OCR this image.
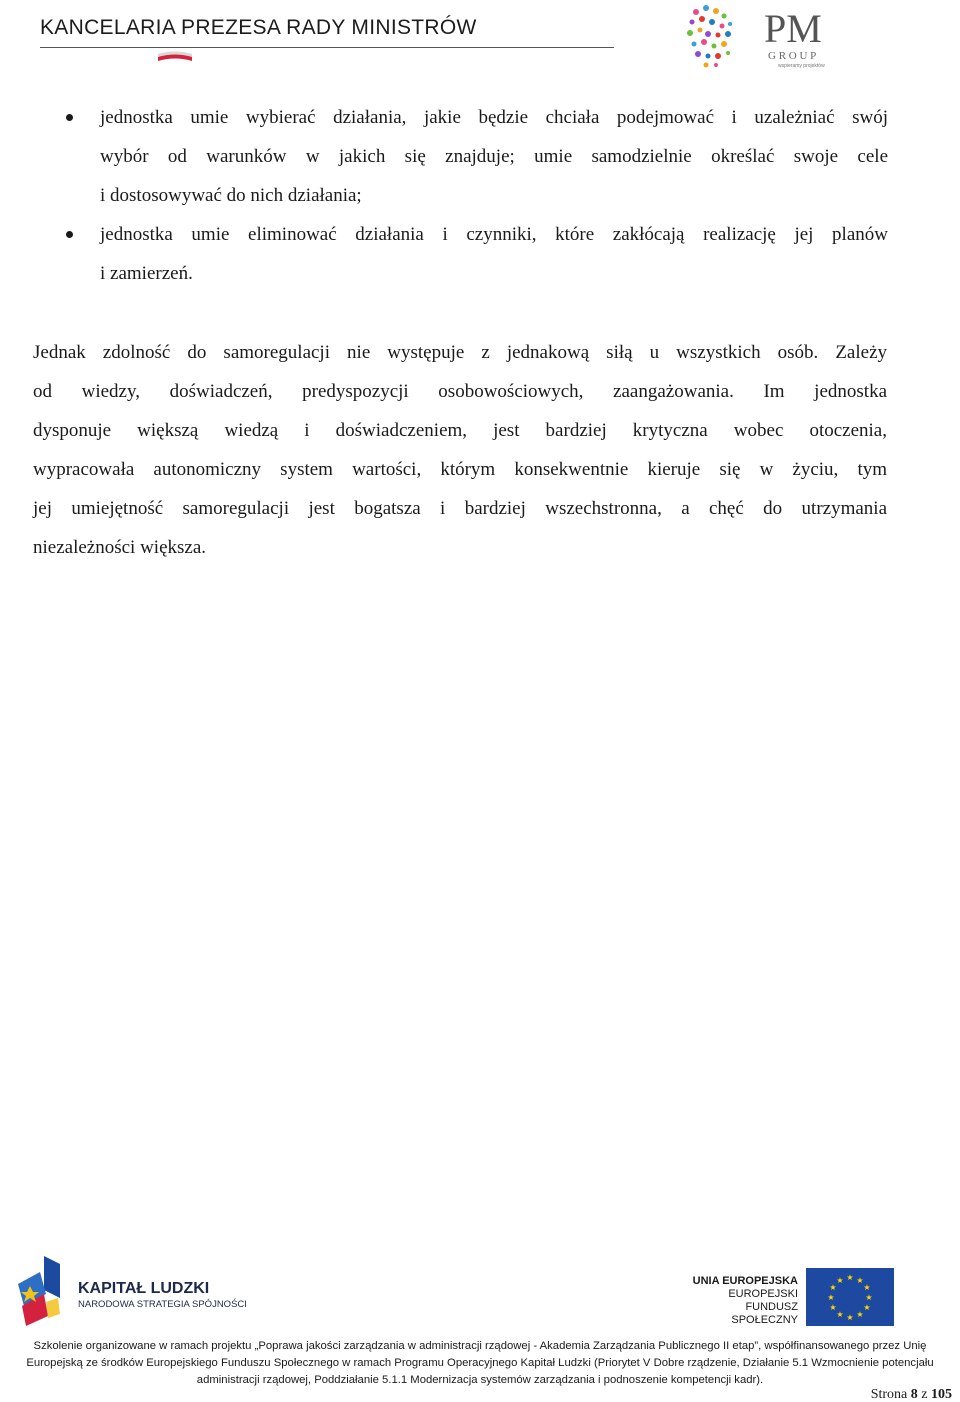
KANCELARIA PREZESA RADY MINISTRÓW	PM
G R O U P
wspieramy projektów
jednostka umie wybierać działania, jakie będzie chciała podejmować i uzależniać swój
wybór od warunków w jakich się znajduje; umie samodzielnie określać swoje cele
i dostosowywać do nich działania;
jednostka umie eliminować działania i czynniki, które zakłócają realizację jej planów
i zamierzeń.
Jednak zdolność do samoregulacji nie występuje z jednakową siłą u wszystkich osób. Zależy
od wiedzy, doświadczeń, predyspozycji osobowościowych, zaangażowania. Im jednostka
dysponuje większą wiedzą i doświadczeniem, jest bardziej krytyczna wobec otoczenia,
wypracowała autonomiczny system wartości, którym konsekwentnie kieruje się w życiu, tym
jej umiejętność samoregulacji jest bogatsza i bardziej wszechstronna, a chęć do utrzymania
niezależności większa.
KAPITAŁ LUDZKI
NARODOWA STRATEGIA SPÓJNOŚCI
UNIA EUROPEJSKA
EUROPEJSKI
FUNDUSZ SPOŁECZNY
★ ★
★
★
★
★
★
★
★
★
★
★
Szkolenie organizowane w ramach projektu „Poprawa jakości zarządzania w administracji rządowej - Akademia Zarządzania Publicznego II etap”, współfinansowanego przez Unię
Europejską ze środków Europejskiego Funduszu Społecznego w ramach Programu Operacyjnego Kapitał Ludzki (Priorytet V Dobre rządzenie, Działanie 5.1 Wzmocnienie potencjału
administracji rządowej, Poddziałanie 5.1.1 Modernizacja systemów zarządzania i podnoszenie kompetencji kadr).
Strona 8 z 105
